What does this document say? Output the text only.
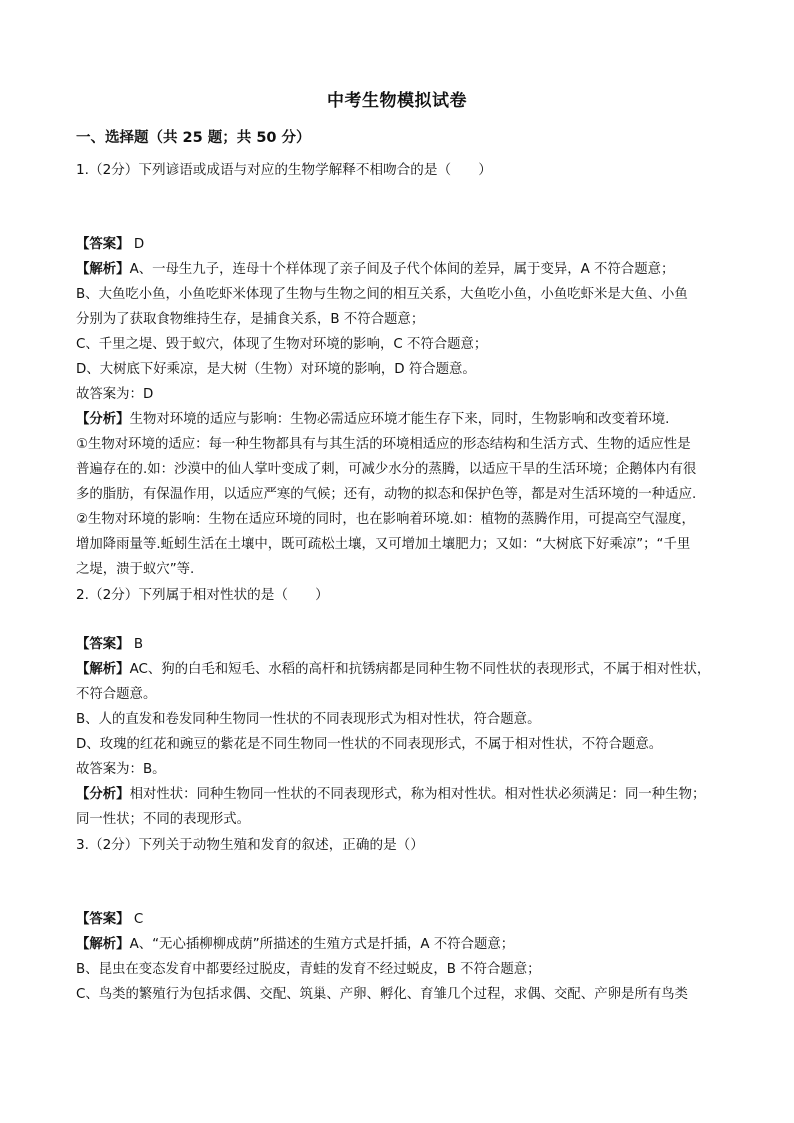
中考生物模拟试卷
一、选择题（共 25 题；共 50 分）
1.（2分）下列谚语或成语与对应的生物学解释不相吻合的是（　　）
【答案】 D
【解析】A、一母生九子，连母十个样体现了亲子间及子代个体间的差异，属于变异，A 不符合题意；
B、大鱼吃小鱼，小鱼吃虾米体现了生物与生物之间的相互关系，大鱼吃小鱼，小鱼吃虾米是大鱼、小鱼
分别为了获取食物维持生存，是捕食关系，B 不符合题意；
C、千里之堤、毁于蚁穴，体现了生物对环境的影响，C 不符合题意；
D、大树底下好乘凉，是大树（生物）对环境的影响，D 符合题意。
故答案为：D
【分析】生物对环境的适应与影响：生物必需适应环境才能生存下来，同时，生物影响和改变着环境.
①生物对环境的适应：每一种生物都具有与其生活的环境相适应的形态结构和生活方式、生物的适应性是
普遍存在的.如：沙漠中的仙人掌叶变成了刺，可减少水分的蒸腾，以适应干旱的生活环境；企鹅体内有很
多的脂肪，有保温作用，以适应严寒的气候；还有，动物的拟态和保护色等，都是对生活环境的一种适应.
②生物对环境的影响：生物在适应环境的同时，也在影响着环境.如：植物的蒸腾作用，可提高空气湿度，
增加降雨量等.蚯蚓生活在土壤中，既可疏松土壤，又可增加土壤肥力；又如：“大树底下好乘凉”；“千里
之堤，溃于蚁穴”等.
2.（2分）下列属于相对性状的是（　　）
【答案】 B
【解析】AC、狗的白毛和短毛、水稻的高杆和抗锈病都是同种生物不同性状的表现形式，不属于相对性状，
不符合题意。
B、人的直发和卷发同种生物同一性状的不同表现形式为相对性状，符合题意。
D、玫瑰的红花和豌豆的紫花是不同生物同一性状的不同表现形式，不属于相对性状，不符合题意。
故答案为：B。
【分析】相对性状：同种生物同一性状的不同表现形式，称为相对性状。相对性状必须满足：同一种生物；
同一性状；不同的表现形式。
3.（2分）下列关于动物生殖和发育的叙述，正确的是（）
【答案】 C
【解析】A、“无心插柳柳成荫”所描述的生殖方式是扦插，A 不符合题意；
B、昆虫在变态发育中都要经过脱皮，青蛙的发育不经过蜕皮，B 不符合题意；
C、鸟类的繁殖行为包括求偶、交配、筑巢、产卵、孵化、育雏几个过程，求偶、交配、产卵是所有鸟类
